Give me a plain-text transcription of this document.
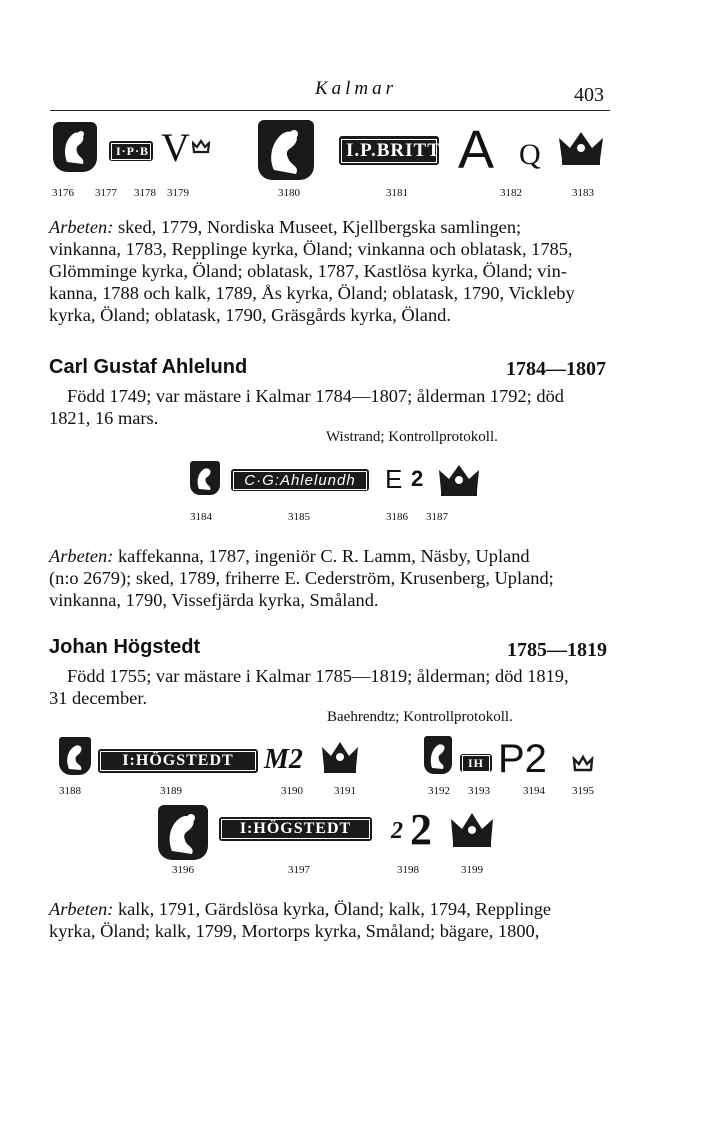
Kalmar	403
I·P·B V	I.P.BRITT A Q
3176 3177 3178 3179	3180	3181	3182	3183
Arbeten: sked, 1779, Nordiska Museet, Kjellbergska samlingen;
vinkanna, 1783, Repplinge kyrka, Öland; vinkanna och oblatask, 1785,
Glömminge kyrka, Öland; oblatask, 1787, Kastlösa kyrka, Öland; vin-
kanna, 1788 och kalk, 1789, Ås kyrka, Öland; oblatask, 1790, Vickleby
kyrka, Öland; oblatask, 1790, Gräsgårds kyrka, Öland.
Carl Gustaf Ahlelund	1784—1807
Född 1749; var mästare i Kalmar 1784—1807; ålderman 1792; död
1821, 16 mars.
Wistrand; Kontrollprotokoll.
C·G:Ahlelundh	E 2
3184	3185	3186 3187
Arbeten: kaffekanna, 1787, ingeniör C. R. Lamm, Näsby, Upland
(n:o 2679); sked, 1789, friherre E. Cederström, Krusenberg, Upland;
vinkanna, 1790, Vissefjärda kyrka, Småland.
Johan Högstedt	1785—1819
Född 1755; var mästare i Kalmar 1785—1819; ålderman; död 1819,
31 december.
Baehrendtz; Kontrollprotokoll.
I:HÖGSTEDT	M2	IH P2
3188	3189	3190	3191	3192 3193	3194 3195
I:HÖGSTEDT	2 2
3196	3197	3198	3199
Arbeten: kalk, 1791, Gärdslösa kyrka, Öland; kalk, 1794, Repplinge
kyrka, Öland; kalk, 1799, Mortorps kyrka, Småland; bägare, 1800,
